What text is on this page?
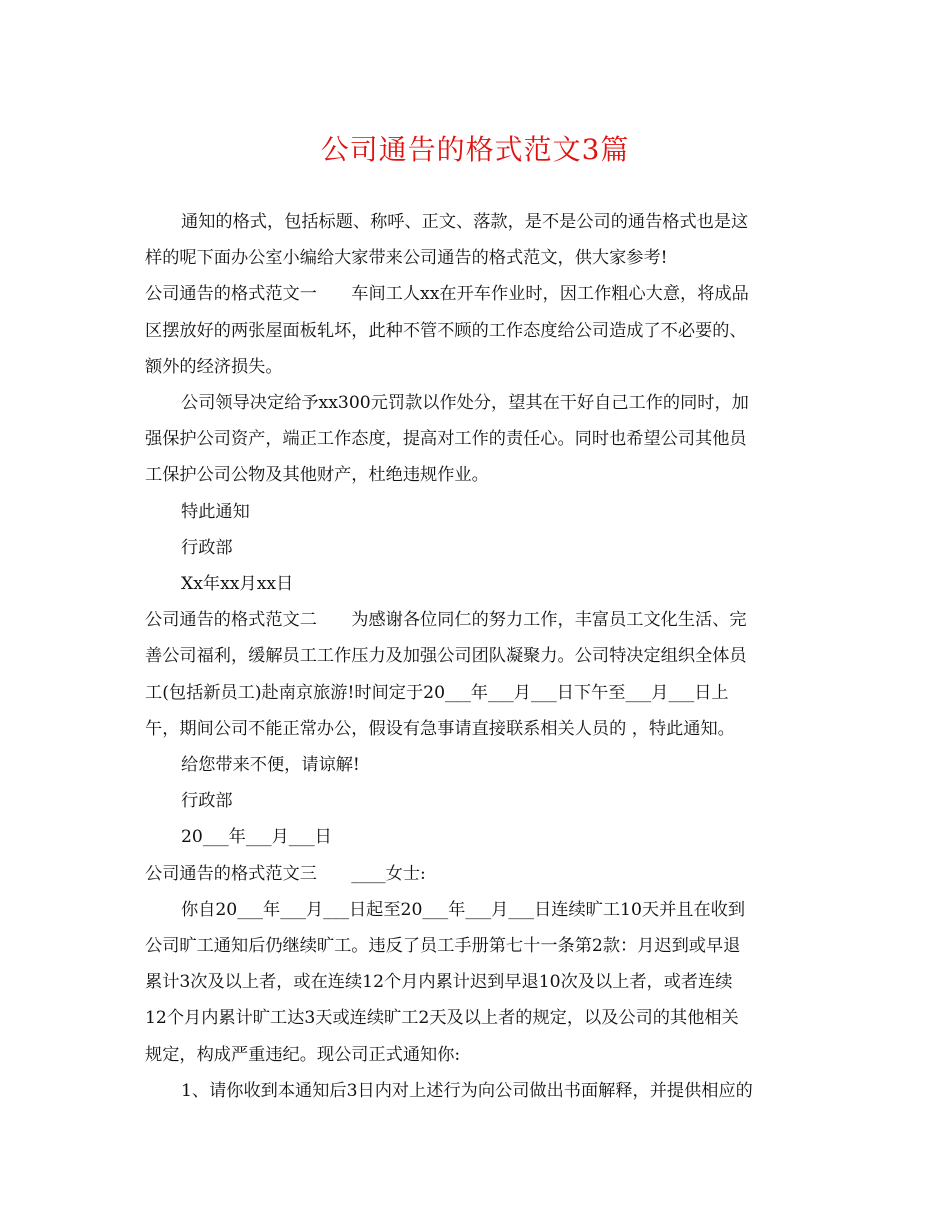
公司通告的格式范文3篇

通知的格式，包括标题、称呼、正文、落款，是不是公司的通告格式也是这

样的呢下面办公室小编给大家带来公司通告的格式范文，供大家参考!

公司通告的格式范文一　　车间工人xx在开车作业时，因工作粗心大意，将成品

区摆放好的两张屋面板轧坏，此种不管不顾的工作态度给公司造成了不必要的、

额外的经济损失。

公司领导决定给予xx300元罚款以作处分，望其在干好自己工作的同时，加

强保护公司资产，端正工作态度，提高对工作的责任心。同时也希望公司其他员

工保护公司公物及其他财产，杜绝违规作业。

特此通知

行政部

Xx年xx月xx日

公司通告的格式范文二　　为感谢各位同仁的努力工作，丰富员工文化生活、完

善公司福利，缓解员工工作压力及加强公司团队凝聚力。公司特决定组织全体员

工(包括新员工)赴南京旅游!时间定于20___年___月___日下午至___月___日上

午，期间公司不能正常办公，假设有急事请直接联系相关人员的 ，特此通知。

给您带来不便，请谅解!

行政部

20___年___月___日

公司通告的格式范文三　　____女士:

你自20___年___月___日起至20___年___月___日连续旷工10天并且在收到

公司旷工通知后仍继续旷工。违反了员工手册第七十一条第2款：月迟到或早退

累计3次及以上者，或在连续12个月内累计迟到早退10次及以上者，或者连续

12个月内累计旷工达3天或连续旷工2天及以上者的规定，以及公司的其他相关

规定，构成严重违纪。现公司正式通知你:

1、请你收到本通知后3日内对上述行为向公司做出书面解释，并提供相应的
